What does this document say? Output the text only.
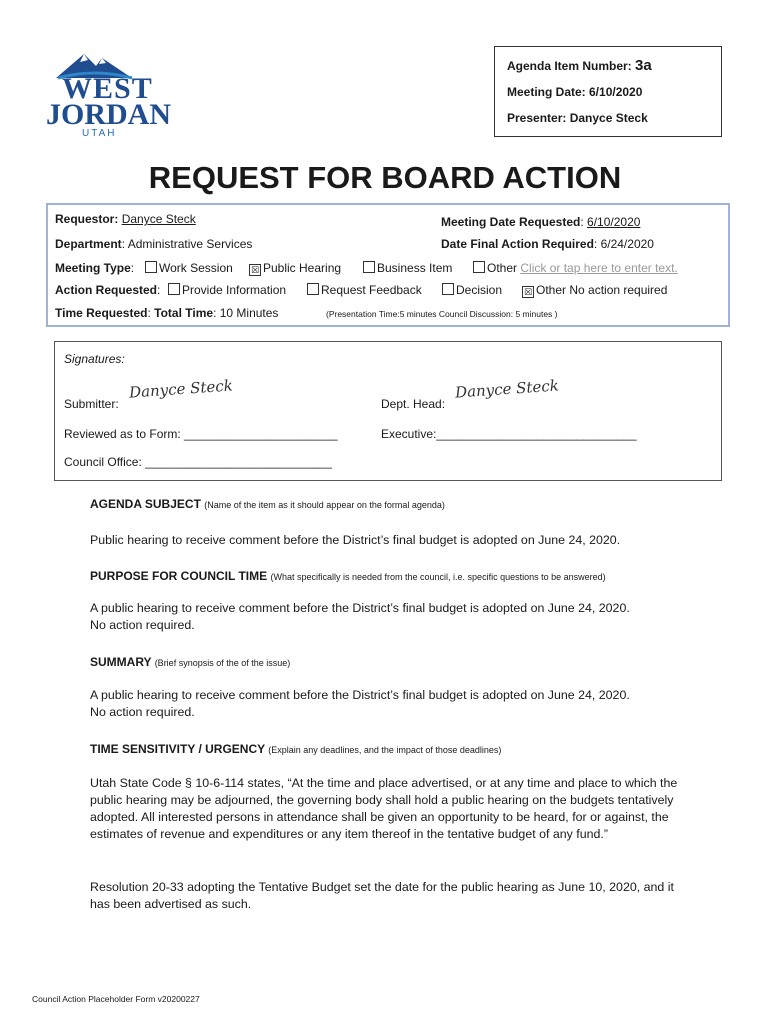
WEST
JORDAN
UTAH
Agenda Item Number: 3a
Meeting Date: 6/10/2020
Presenter: Danyce Steck
REQUEST FOR BOARD ACTION
Requestor: Danyce Steck	Meeting Date Requested: 6/10/2020
Department: Administrative Services	Date Final Action Required: 6/24/2020
Meeting Type:	Work Session ☒ Public Hearing	Business Item	Other Click or tap here to enter text.
Action Requested:	Provide Information	Request Feedback	Decision ☒ Other No action required
Time Requested: Total Time: 10 Minutes	(Presentation Time:5 minutes Council Discussion: 5 minutes )
Signatures:
Submitter:
Danyce Steck
Dept. Head:
Danyce Steck
Reviewed as to Form: _______________________	Executive:______________________________
Council Office: ____________________________
AGENDA SUBJECT (Name of the item as it should appear on the formal agenda)
Public hearing to receive comment before the District’s final budget is adopted on June 24, 2020.
PURPOSE FOR COUNCIL TIME (What specifically is needed from the council, i.e. specific questions to be answered)
A public hearing to receive comment before the District’s final budget is adopted on June 24, 2020.
No action required.
SUMMARY (Brief synopsis of the of the issue)
A public hearing to receive comment before the District’s final budget is adopted on June 24, 2020.
No action required.
TIME SENSITIVITY / URGENCY (Explain any deadlines, and the impact of those deadlines)
Utah State Code § 10-6-114 states, “At the time and place advertised, or at any time and place to which the public hearing may be adjourned, the governing body shall hold a public hearing on the budgets tentatively adopted. All interested persons in attendance shall be given an opportunity to be heard, for or against, the estimates of revenue and expenditures or any item thereof in the tentative budget of any fund.”
Resolution 20-33 adopting the Tentative Budget set the date for the public hearing as June 10, 2020, and it has been advertised as such.
Council Action Placeholder Form v20200227
